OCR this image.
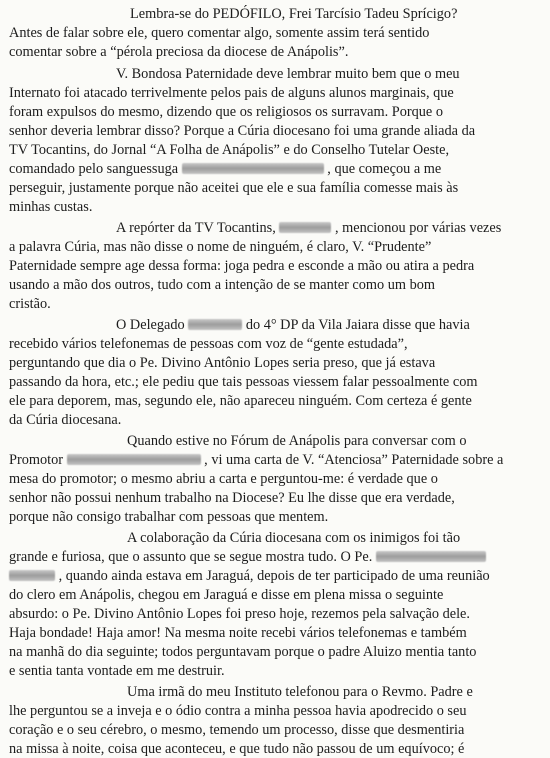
Lembra-se do PEDÓFILO, Frei Tarcísio Tadeu Sprícigo?

Antes de falar sobre ele, quero comentar algo, somente assim terá sentido

comentar sobre a “pérola preciosa da diocese de Anápolis”.

V. Bondosa Paternidade deve lembrar muito bem que o meu

Internato foi atacado terrivelmente pelos pais de alguns alunos marginais, que

foram expulsos do mesmo, dizendo que os religiosos os surravam. Porque o

senhor deveria lembrar disso? Porque a Cúria diocesano foi uma grande aliada da

TV Tocantins, do Jornal “A Folha de Anápolis” e do Conselho Tutelar Oeste,

comandado pelo sanguessuga	, que começou a me

perseguir, justamente porque não aceitei que ele e sua família comesse mais às

minhas custas.

A repórter da TV Tocantins,	, mencionou por várias vezes

a palavra Cúria, mas não disse o nome de ninguém, é claro, V. “Prudente”

Paternidade sempre age dessa forma: joga pedra e esconde a mão ou atira a pedra

usando a mão dos outros, tudo com a intenção de se manter como um bom

cristão.

O Delegado	do 4° DP da Vila Jaiara disse que havia

recebido vários telefonemas de pessoas com voz de “gente estudada”,

perguntando que dia o Pe. Divino Antônio Lopes seria preso, que já estava

passando da hora, etc.; ele pediu que tais pessoas viessem falar pessoalmente com

ele para deporem, mas, segundo ele, não apareceu ninguém. Com certeza é gente

da Cúria diocesana.

Quando estive no Fórum de Anápolis para conversar com o

Promotor	, vi uma carta de V. “Atenciosa” Paternidade sobre a

mesa do promotor; o mesmo abriu a carta e perguntou-me: é verdade que o

senhor não possui nenhum trabalho na Diocese? Eu lhe disse que era verdade,

porque não consigo trabalhar com pessoas que mentem.

A colaboração da Cúria diocesana com os inimigos foi tão

grande e furiosa, que o assunto que se segue mostra tudo. O Pe.

, quando ainda estava em Jaraguá, depois de ter participado de uma reunião

do clero em Anápolis, chegou em Jaraguá e disse em plena missa o seguinte

absurdo: o Pe. Divino Antônio Lopes foi preso hoje, rezemos pela salvação dele.

Haja bondade! Haja amor! Na mesma noite recebi vários telefonemas e também

na manhã do dia seguinte; todos perguntavam porque o padre Aluizo mentia tanto

e sentia tanta vontade em me destruir.

Uma irmã do meu Instituto telefonou para o Revmo. Padre e

lhe perguntou se a inveja e o ódio contra a minha pessoa havia apodrecido o seu

coração e o seu cérebro, o mesmo, temendo um processo, disse que desmentiria

na missa à noite, coisa que aconteceu, e que tudo não passou de um equívoco; é
